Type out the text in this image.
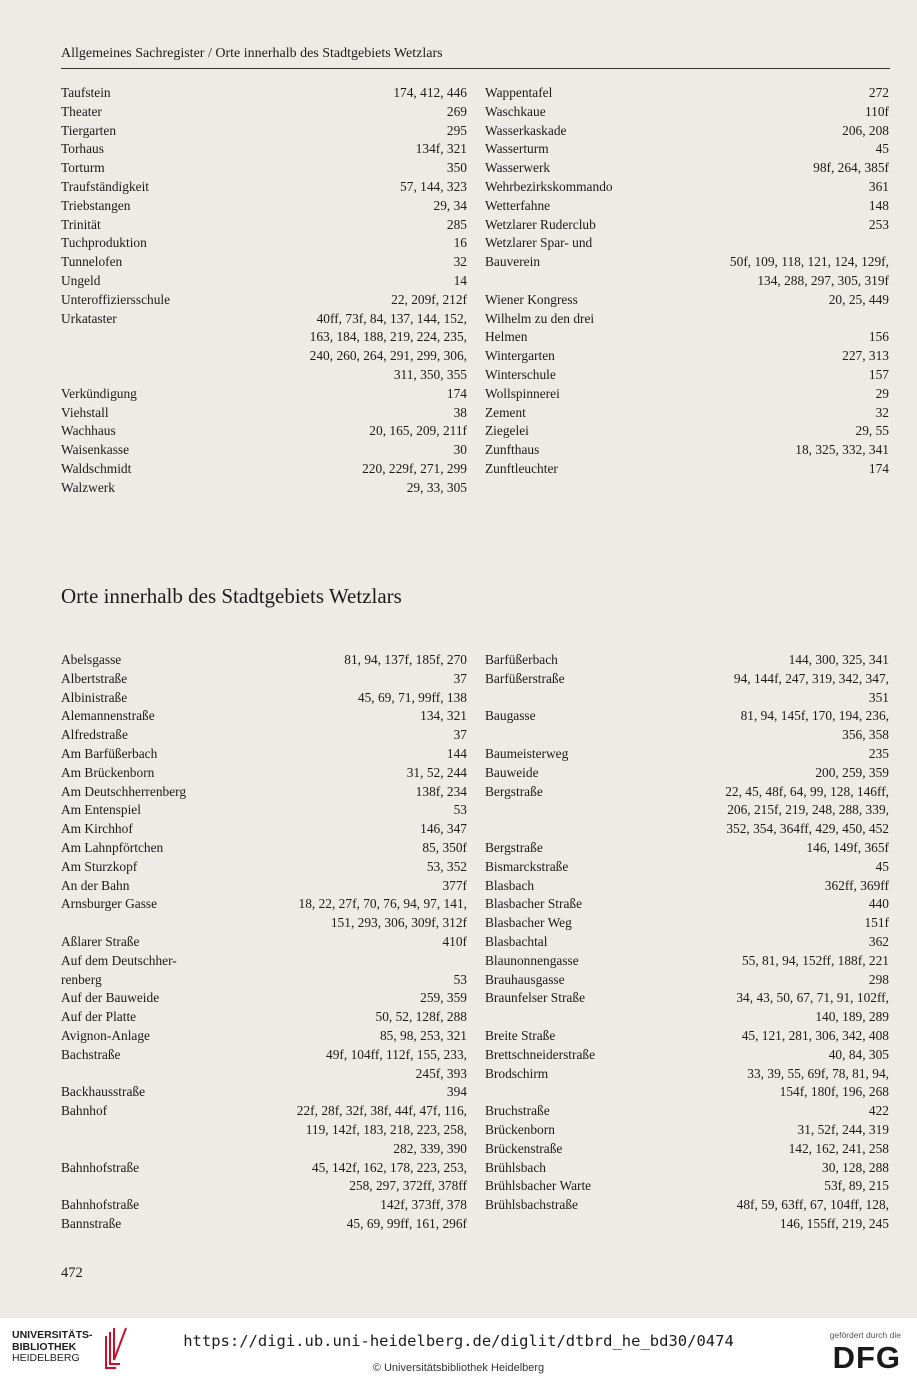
Allgemeines Sachregister / Orte innerhalb des Stadtgebiets Wetzlars
Taufstein	174, 412, 446
Theater	269
Tiergarten	295
Torhaus	134f, 321
Torturm	350
Traufständigkeit	57, 144, 323
Triebstangen	29, 34
Trinität	285
Tuchproduktion	16
Tunnelofen	32
Ungeld	14
Unteroffiziersschule	22, 209f, 212f
Urkataster	40ff, 73f, 84, 137, 144, 152,
163, 184, 188, 219, 224, 235,
240, 260, 264, 291, 299, 306,
311, 350, 355
Verkündigung	174
Viehstall	38
Wachhaus	20, 165, 209, 211f
Waisenkasse	30
Waldschmidt	220, 229f, 271, 299
Walzwerk	29, 33, 305
Wappentafel	272
Waschkaue	110f
Wasserkaskade	206, 208
Wasserturm	45
Wasserwerk	98f, 264, 385f
Wehrbezirkskommando	361
Wetterfahne	148
Wetzlarer Ruderclub	253
Wetzlarer Spar- und
Bauverein	50f, 109, 118, 121, 124, 129f,
134, 288, 297, 305, 319f
Wiener Kongress	20, 25, 449
Wilhelm zu den drei
Helmen	156
Wintergarten	227, 313
Winterschule	157
Wollspinnerei	29
Zement	32
Ziegelei	29, 55
Zunfthaus	18, 325, 332, 341
Zunftleuchter	174
Orte innerhalb des Stadtgebiets Wetzlars
Abelsgasse	81, 94, 137f, 185f, 270
Albertstraße	37
Albinistraße	45, 69, 71, 99ff, 138
Alemannenstraße	134, 321
Alfredstraße	37
Am Barfüßerbach	144
Am Brückenborn	31, 52, 244
Am Deutschherrenberg	138f, 234
Am Entenspiel	53
Am Kirchhof	146, 347
Am Lahnpförtchen	85, 350f
Am Sturzkopf	53, 352
An der Bahn	377f
Arnsburger Gasse	18, 22, 27f, 70, 76, 94, 97, 141,
151, 293, 306, 309f, 312f
Aßlarer Straße	410f
Auf dem Deutschher-
renberg	53
Auf der Bauweide	259, 359
Auf der Platte	50, 52, 128f, 288
Avignon-Anlage	85, 98, 253, 321
Bachstraße	49f, 104ff, 112f, 155, 233,
245f, 393
Backhausstraße	394
Bahnhof	22f, 28f, 32f, 38f, 44f, 47f, 116,
119, 142f, 183, 218, 223, 258,
282, 339, 390
Bahnhofstraße	45, 142f, 162, 178, 223, 253,
258, 297, 372ff, 378ff
Bahnhofstraße	142f, 373ff, 378
Bannstraße	45, 69, 99ff, 161, 296f
Barfüßerbach	144, 300, 325, 341
Barfüßerstraße	94, 144f, 247, 319, 342, 347,
351
Baugasse	81, 94, 145f, 170, 194, 236,
356, 358
Baumeisterweg	235
Bauweide	200, 259, 359
Bergstraße	22, 45, 48f, 64, 99, 128, 146ff,
206, 215f, 219, 248, 288, 339,
352, 354, 364ff, 429, 450, 452
Bergstraße	146, 149f, 365f
Bismarckstraße	45
Blasbach	362ff, 369ff
Blasbacher Straße	440
Blasbacher Weg	151f
Blasbachtal	362
Blaunonnengasse	55, 81, 94, 152ff, 188f, 221
Brauhausgasse	298
Braunfelser Straße	34, 43, 50, 67, 71, 91, 102ff,
140, 189, 289
Breite Straße	45, 121, 281, 306, 342, 408
Brettschneiderstraße	40, 84, 305
Brodschirm	33, 39, 55, 69f, 78, 81, 94,
154f, 180f, 196, 268
Bruchstraße	422
Brückenborn	31, 52f, 244, 319
Brückenstraße	142, 162, 241, 258
Brühlsbach	30, 128, 288
Brühlsbacher Warte	53f, 89, 215
Brühlsbachstraße	48f, 59, 63ff, 67, 104ff, 128,
146, 155ff, 219, 245
472
UNIVERSITÄTS-
BIBLIOTHEK
HEIDELBERG
https://digi.ub.uni-heidelberg.de/diglit/dtbrd_he_bd30/0474
© Universitätsbibliothek Heidelberg
gefördert durch die
DFG
